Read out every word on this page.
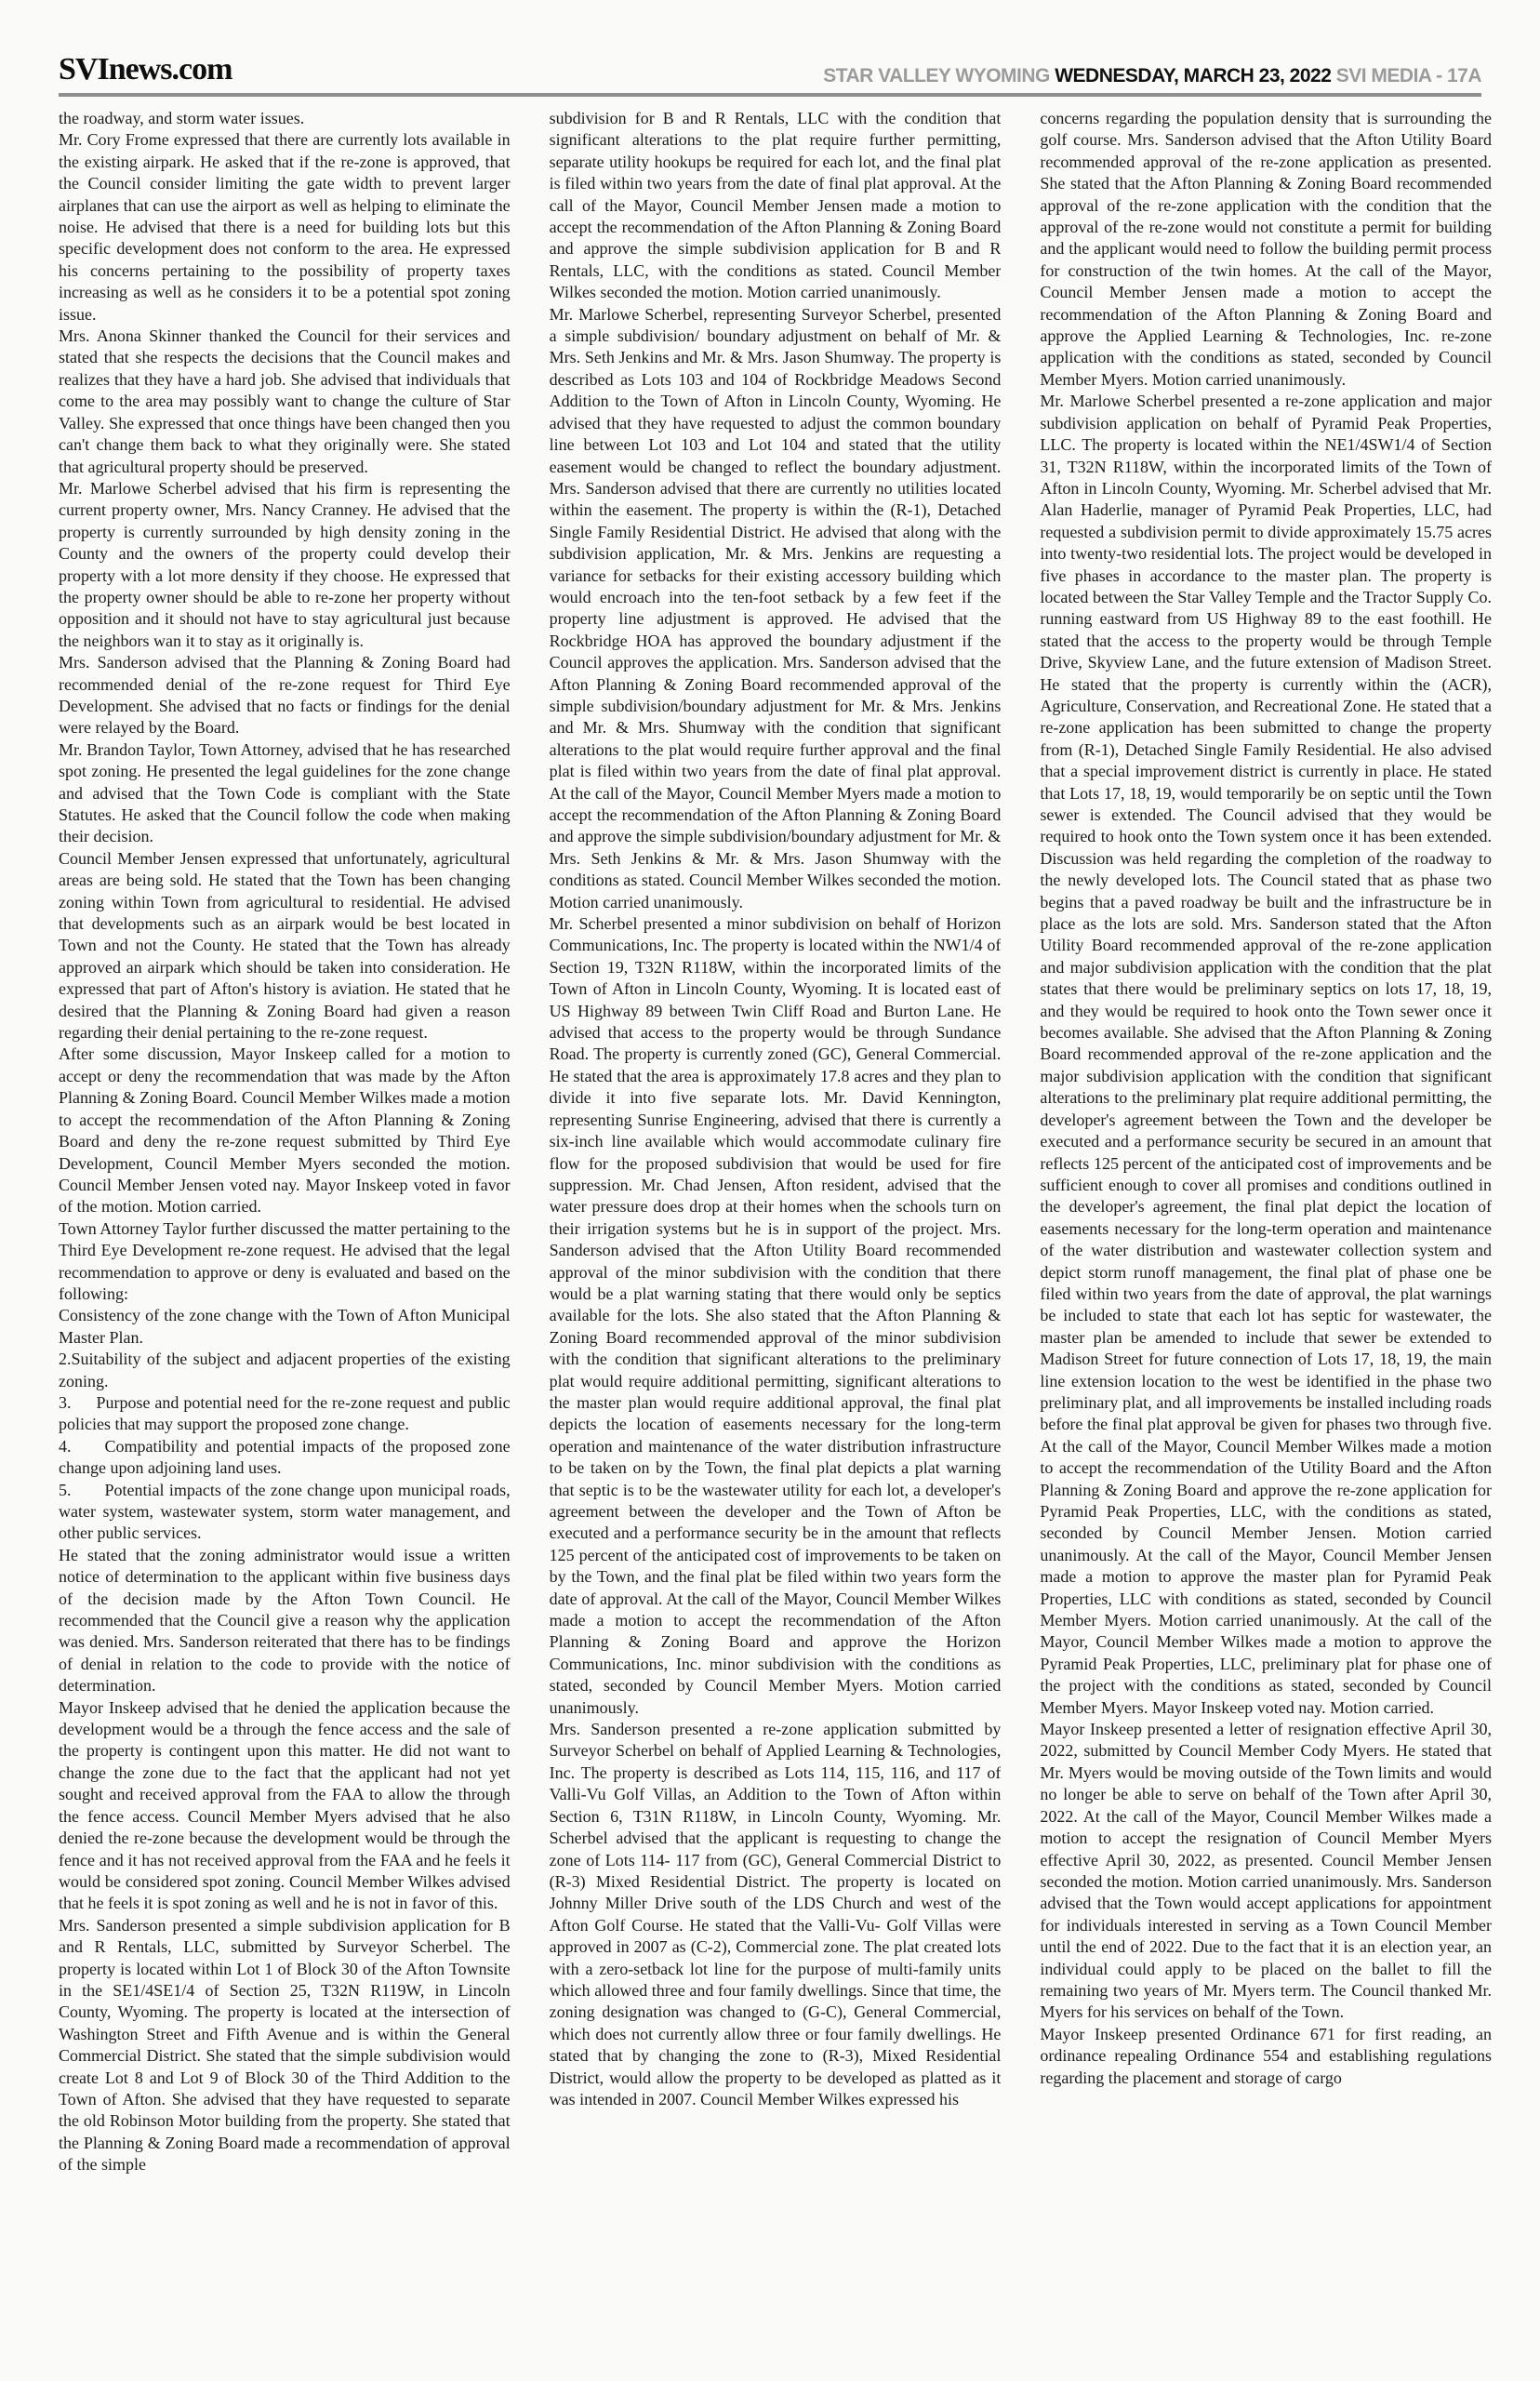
SVInews.com	STAR VALLEY WYOMING WEDNESDAY, MARCH 23, 2022 SVI MEDIA - 17A

the roadway, and storm water issues.

Mr. Cory Frome expressed that there are currently lots available in the existing airpark. He asked that if the re-zone is approved, that the Council consider limiting the gate width to prevent larger airplanes that can use the airport as well as helping to eliminate the noise. He advised that there is a need for building lots but this specific development does not conform to the area. He expressed his concerns pertaining to the possibility of property taxes increasing as well as he considers it to be a potential spot zoning issue.

Mrs. Anona Skinner thanked the Council for their services and stated that she respects the decisions that the Council makes and realizes that they have a hard job. She advised that individuals that come to the area may possibly want to change the culture of Star Valley. She expressed that once things have been changed then you can't change them back to what they originally were. She stated that agricultural property should be preserved.

Mr. Marlowe Scherbel advised that his firm is representing the current property owner, Mrs. Nancy Cranney. He advised that the property is currently surrounded by high density zoning in the County and the owners of the property could develop their property with a lot more density if they choose. He expressed that the property owner should be able to re-zone her property without opposition and it should not have to stay agricultural just because the neighbors wan it to stay as it originally is.

Mrs. Sanderson advised that the Planning & Zoning Board had recommended denial of the re-zone request for Third Eye Development. She advised that no facts or findings for the denial were relayed by the Board.

Mr. Brandon Taylor, Town Attorney, advised that he has researched spot zoning. He presented the legal guidelines for the zone change and advised that the Town Code is compliant with the State Statutes. He asked that the Council follow the code when making their decision.

Council Member Jensen expressed that unfortunately, agricultural areas are being sold. He stated that the Town has been changing zoning within Town from agricultural to residential. He advised that developments such as an airpark would be best located in Town and not the County. He stated that the Town has already approved an airpark which should be taken into consideration. He expressed that part of Afton's history is aviation. He stated that he desired that the Planning & Zoning Board had given a reason regarding their denial pertaining to the re-zone request.

After some discussion, Mayor Inskeep called for a motion to accept or deny the recommendation that was made by the Afton Planning & Zoning Board. Council Member Wilkes made a motion to accept the recommendation of the Afton Planning & Zoning Board and deny the re-zone request submitted by Third Eye Development, Council Member Myers seconded the motion. Council Member Jensen voted nay. Mayor Inskeep voted in favor of the motion. Motion carried.

Town Attorney Taylor further discussed the matter pertaining to the Third Eye Development re-zone request. He advised that the legal recommendation to approve or deny is evaluated and based on the following:

Consistency of the zone change with the Town of Afton Municipal Master Plan.

2.Suitability of the subject and adjacent properties of the existing zoning.

3.  Purpose and potential need for the re-zone request and public policies that may support the proposed zone change.

4.  Compatibility and potential impacts of the proposed zone change upon adjoining land uses.

5.  Potential impacts of the zone change upon municipal roads, water system, wastewater system, storm water management, and other public services.

He stated that the zoning administrator would issue a written notice of determination to the applicant within five business days of the decision made by the Afton Town Council. He recommended that the Council give a reason why the application was denied. Mrs. Sanderson reiterated that there has to be findings of denial in relation to the code to provide with the notice of determination.

Mayor Inskeep advised that he denied the application because the development would be a through the fence access and the sale of the property is contingent upon this matter. He did not want to change the zone due to the fact that the applicant had not yet sought and received approval from the FAA to allow the through the fence access. Council Member Myers advised that he also denied the re-zone because the development would be through the fence and it has not received approval from the FAA and he feels it would be considered spot zoning. Council Member Wilkes advised that he feels it is spot zoning as well and he is not in favor of this.

Mrs. Sanderson presented a simple subdivision application for B and R Rentals, LLC, submitted by Surveyor Scherbel. The property is located within Lot 1 of Block 30 of the Afton Townsite in the SE1/4SE1/4 of Section 25, T32N R119W, in Lincoln County, Wyoming. The property is located at the intersection of Washington Street and Fifth Avenue and is within the General Commercial District. She stated that the simple subdivision would create Lot 8 and Lot 9 of Block 30 of the Third Addition to the Town of Afton. She advised that they have requested to separate the old Robinson Motor building from the property. She stated that the Planning & Zoning Board made a recommendation of approval of the simple

subdivision for B and R Rentals, LLC with the condition that significant alterations to the plat require further permitting, separate utility hookups be required for each lot, and the final plat is filed within two years from the date of final plat approval. At the call of the Mayor, Council Member Jensen made a motion to accept the recommendation of the Afton Planning & Zoning Board and approve the simple subdivision application for B and R Rentals, LLC, with the conditions as stated. Council Member Wilkes seconded the motion. Motion carried unanimously.

Mr. Marlowe Scherbel, representing Surveyor Scherbel, presented a simple subdivision/ boundary adjustment on behalf of Mr. & Mrs. Seth Jenkins and Mr. & Mrs. Jason Shumway. The property is described as Lots 103 and 104 of Rockbridge Meadows Second Addition to the Town of Afton in Lincoln County, Wyoming. He advised that they have requested to adjust the common boundary line between Lot 103 and Lot 104 and stated that the utility easement would be changed to reflect the boundary adjustment. Mrs. Sanderson advised that there are currently no utilities located within the easement. The property is within the (R-1), Detached Single Family Residential District. He advised that along with the subdivision application, Mr. & Mrs. Jenkins are requesting a variance for setbacks for their existing accessory building which would encroach into the ten-foot setback by a few feet if the property line adjustment is approved. He advised that the Rockbridge HOA has approved the boundary adjustment if the Council approves the application. Mrs. Sanderson advised that the Afton Planning & Zoning Board recommended approval of the simple subdivision/boundary adjustment for Mr. & Mrs. Jenkins and Mr. & Mrs. Shumway with the condition that significant alterations to the plat would require further approval and the final plat is filed within two years from the date of final plat approval. At the call of the Mayor, Council Member Myers made a motion to accept the recommendation of the Afton Planning & Zoning Board and approve the simple subdivision/boundary adjustment for Mr. & Mrs. Seth Jenkins & Mr. & Mrs. Jason Shumway with the conditions as stated. Council Member Wilkes seconded the motion. Motion carried unanimously.

Mr. Scherbel presented a minor subdivision on behalf of Horizon Communications, Inc. The property is located within the NW1/4 of Section 19, T32N R118W, within the incorporated limits of the Town of Afton in Lincoln County, Wyoming. It is located east of US Highway 89 between Twin Cliff Road and Burton Lane. He advised that access to the property would be through Sundance Road. The property is currently zoned (GC), General Commercial. He stated that the area is approximately 17.8 acres and they plan to divide it into five separate lots. Mr. David Kennington, representing Sunrise Engineering, advised that there is currently a six-inch line available which would accommodate culinary fire flow for the proposed subdivision that would be used for fire suppression. Mr. Chad Jensen, Afton resident, advised that the water pressure does drop at their homes when the schools turn on their irrigation systems but he is in support of the project. Mrs. Sanderson advised that the Afton Utility Board recommended approval of the minor subdivision with the condition that there would be a plat warning stating that there would only be septics available for the lots. She also stated that the Afton Planning & Zoning Board recommended approval of the minor subdivision with the condition that significant alterations to the preliminary plat would require additional permitting, significant alterations to the master plan would require additional approval, the final plat depicts the location of easements necessary for the long-term operation and maintenance of the water distribution infrastructure to be taken on by the Town, the final plat depicts a plat warning that septic is to be the wastewater utility for each lot, a developer's agreement between the developer and the Town of Afton be executed and a performance security be in the amount that reflects 125 percent of the anticipated cost of improvements to be taken on by the Town, and the final plat be filed within two years form the date of approval. At the call of the Mayor, Council Member Wilkes made a motion to accept the recommendation of the Afton Planning & Zoning Board and approve the Horizon Communications, Inc. minor subdivision with the conditions as stated, seconded by Council Member Myers. Motion carried unanimously.

Mrs. Sanderson presented a re-zone application submitted by Surveyor Scherbel on behalf of Applied Learning & Technologies, Inc. The property is described as Lots 114, 115, 116, and 117 of Valli-Vu Golf Villas, an Addition to the Town of Afton within Section 6, T31N R118W, in Lincoln County, Wyoming. Mr. Scherbel advised that the applicant is requesting to change the zone of Lots 114- 117 from (GC), General Commercial District to (R-3) Mixed Residential District. The property is located on Johnny Miller Drive south of the LDS Church and west of the Afton Golf Course. He stated that the Valli-Vu- Golf Villas were approved in 2007 as (C-2), Commercial zone. The plat created lots with a zero-setback lot line for the purpose of multi-family units which allowed three and four family dwellings. Since that time, the zoning designation was changed to (G-C), General Commercial, which does not currently allow three or four family dwellings. He stated that by changing the zone to (R-3), Mixed Residential District, would allow the property to be developed as platted as it was intended in 2007. Council Member Wilkes expressed his

concerns regarding the population density that is surrounding the golf course. Mrs. Sanderson advised that the Afton Utility Board recommended approval of the re-zone application as presented. She stated that the Afton Planning & Zoning Board recommended approval of the re-zone application with the condition that the approval of the re-zone would not constitute a permit for building and the applicant would need to follow the building permit process for construction of the twin homes. At the call of the Mayor, Council Member Jensen made a motion to accept the recommendation of the Afton Planning & Zoning Board and approve the Applied Learning & Technologies, Inc. re-zone application with the conditions as stated, seconded by Council Member Myers. Motion carried unanimously.

Mr. Marlowe Scherbel presented a re-zone application and major subdivision application on behalf of Pyramid Peak Properties, LLC. The property is located within the NE1/4SW1/4 of Section 31, T32N R118W, within the incorporated limits of the Town of Afton in Lincoln County, Wyoming. Mr. Scherbel advised that Mr. Alan Haderlie, manager of Pyramid Peak Properties, LLC, had requested a subdivision permit to divide approximately 15.75 acres into twenty-two residential lots. The project would be developed in five phases in accordance to the master plan. The property is located between the Star Valley Temple and the Tractor Supply Co. running eastward from US Highway 89 to the east foothill. He stated that the access to the property would be through Temple Drive, Skyview Lane, and the future extension of Madison Street. He stated that the property is currently within the (ACR), Agriculture, Conservation, and Recreational Zone. He stated that a re-zone application has been submitted to change the property from (R-1), Detached Single Family Residential. He also advised that a special improvement district is currently in place. He stated that Lots 17, 18, 19, would temporarily be on septic until the Town sewer is extended. The Council advised that they would be required to hook onto the Town system once it has been extended. Discussion was held regarding the completion of the roadway to the newly developed lots. The Council stated that as phase two begins that a paved roadway be built and the infrastructure be in place as the lots are sold. Mrs. Sanderson stated that the Afton Utility Board recommended approval of the re-zone application and major subdivision application with the condition that the plat states that there would be preliminary septics on lots 17, 18, 19, and they would be required to hook onto the Town sewer once it becomes available. She advised that the Afton Planning & Zoning Board recommended approval of the re-zone application and the major subdivision application with the condition that significant alterations to the preliminary plat require additional permitting, the developer's agreement between the Town and the developer be executed and a performance security be secured in an amount that reflects 125 percent of the anticipated cost of improvements and be sufficient enough to cover all promises and conditions outlined in the developer's agreement, the final plat depict the location of easements necessary for the long-term operation and maintenance of the water distribution and wastewater collection system and depict storm runoff management, the final plat of phase one be filed within two years from the date of approval, the plat warnings be included to state that each lot has septic for wastewater, the master plan be amended to include that sewer be extended to Madison Street for future connection of Lots 17, 18, 19, the main line extension location to the west be identified in the phase two preliminary plat, and all improvements be installed including roads before the final plat approval be given for phases two through five. At the call of the Mayor, Council Member Wilkes made a motion to accept the recommendation of the Utility Board and the Afton Planning & Zoning Board and approve the re-zone application for Pyramid Peak Properties, LLC, with the conditions as stated, seconded by Council Member Jensen. Motion carried unanimously. At the call of the Mayor, Council Member Jensen made a motion to approve the master plan for Pyramid Peak Properties, LLC with conditions as stated, seconded by Council Member Myers. Motion carried unanimously. At the call of the Mayor, Council Member Wilkes made a motion to approve the Pyramid Peak Properties, LLC, preliminary plat for phase one of the project with the conditions as stated, seconded by Council Member Myers. Mayor Inskeep voted nay. Motion carried.

Mayor Inskeep presented a letter of resignation effective April 30, 2022, submitted by Council Member Cody Myers. He stated that Mr. Myers would be moving outside of the Town limits and would no longer be able to serve on behalf of the Town after April 30, 2022. At the call of the Mayor, Council Member Wilkes made a motion to accept the resignation of Council Member Myers effective April 30, 2022, as presented. Council Member Jensen seconded the motion. Motion carried unanimously. Mrs. Sanderson advised that the Town would accept applications for appointment for individuals interested in serving as a Town Council Member until the end of 2022. Due to the fact that it is an election year, an individual could apply to be placed on the ballet to fill the remaining two years of Mr. Myers term. The Council thanked Mr. Myers for his services on behalf of the Town.

Mayor Inskeep presented Ordinance 671 for first reading, an ordinance repealing Ordinance 554 and establishing regulations regarding the placement and storage of cargo
